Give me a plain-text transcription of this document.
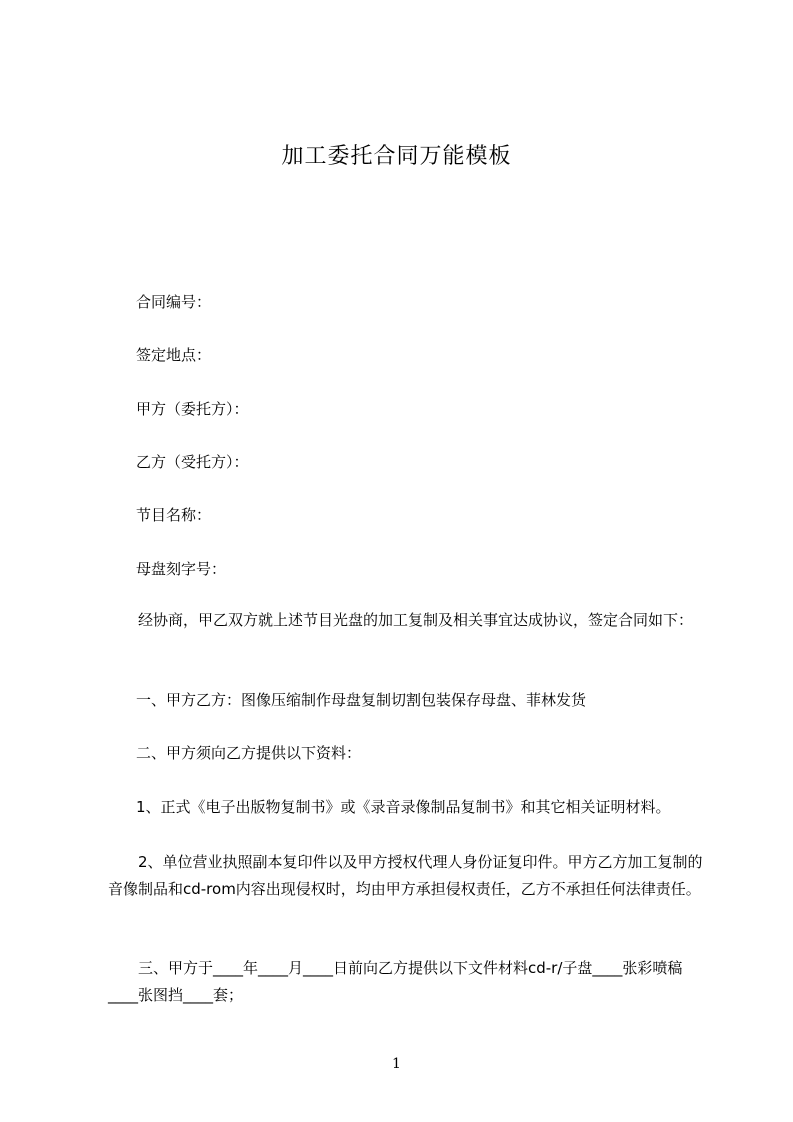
加工委托合同万能模板
合同编号：
签定地点：
甲方（委托方）：
乙方（受托方）：
节目名称：
母盘刻字号：
经协商，甲乙双方就上述节目光盘的加工复制及相关事宜达成协议，签定合同如下：
一、甲方乙方：图像压缩制作母盘复制切割包装保存母盘、菲林发货
二、甲方须向乙方提供以下资料：
1、正式《电子出版物复制书》或《录音录像制品复制书》和其它相关证明材料。
2、单位营业执照副本复印件以及甲方授权代理人身份证复印件。甲方乙方加工复制的音像制品和cd-rom内容出现侵权时，均由甲方承担侵权责任，乙方不承担任何法律责任。
三、甲方于____年____月____日前向乙方提供以下文件材料cd-r/子盘____张彩喷稿____张图挡____套；
1
